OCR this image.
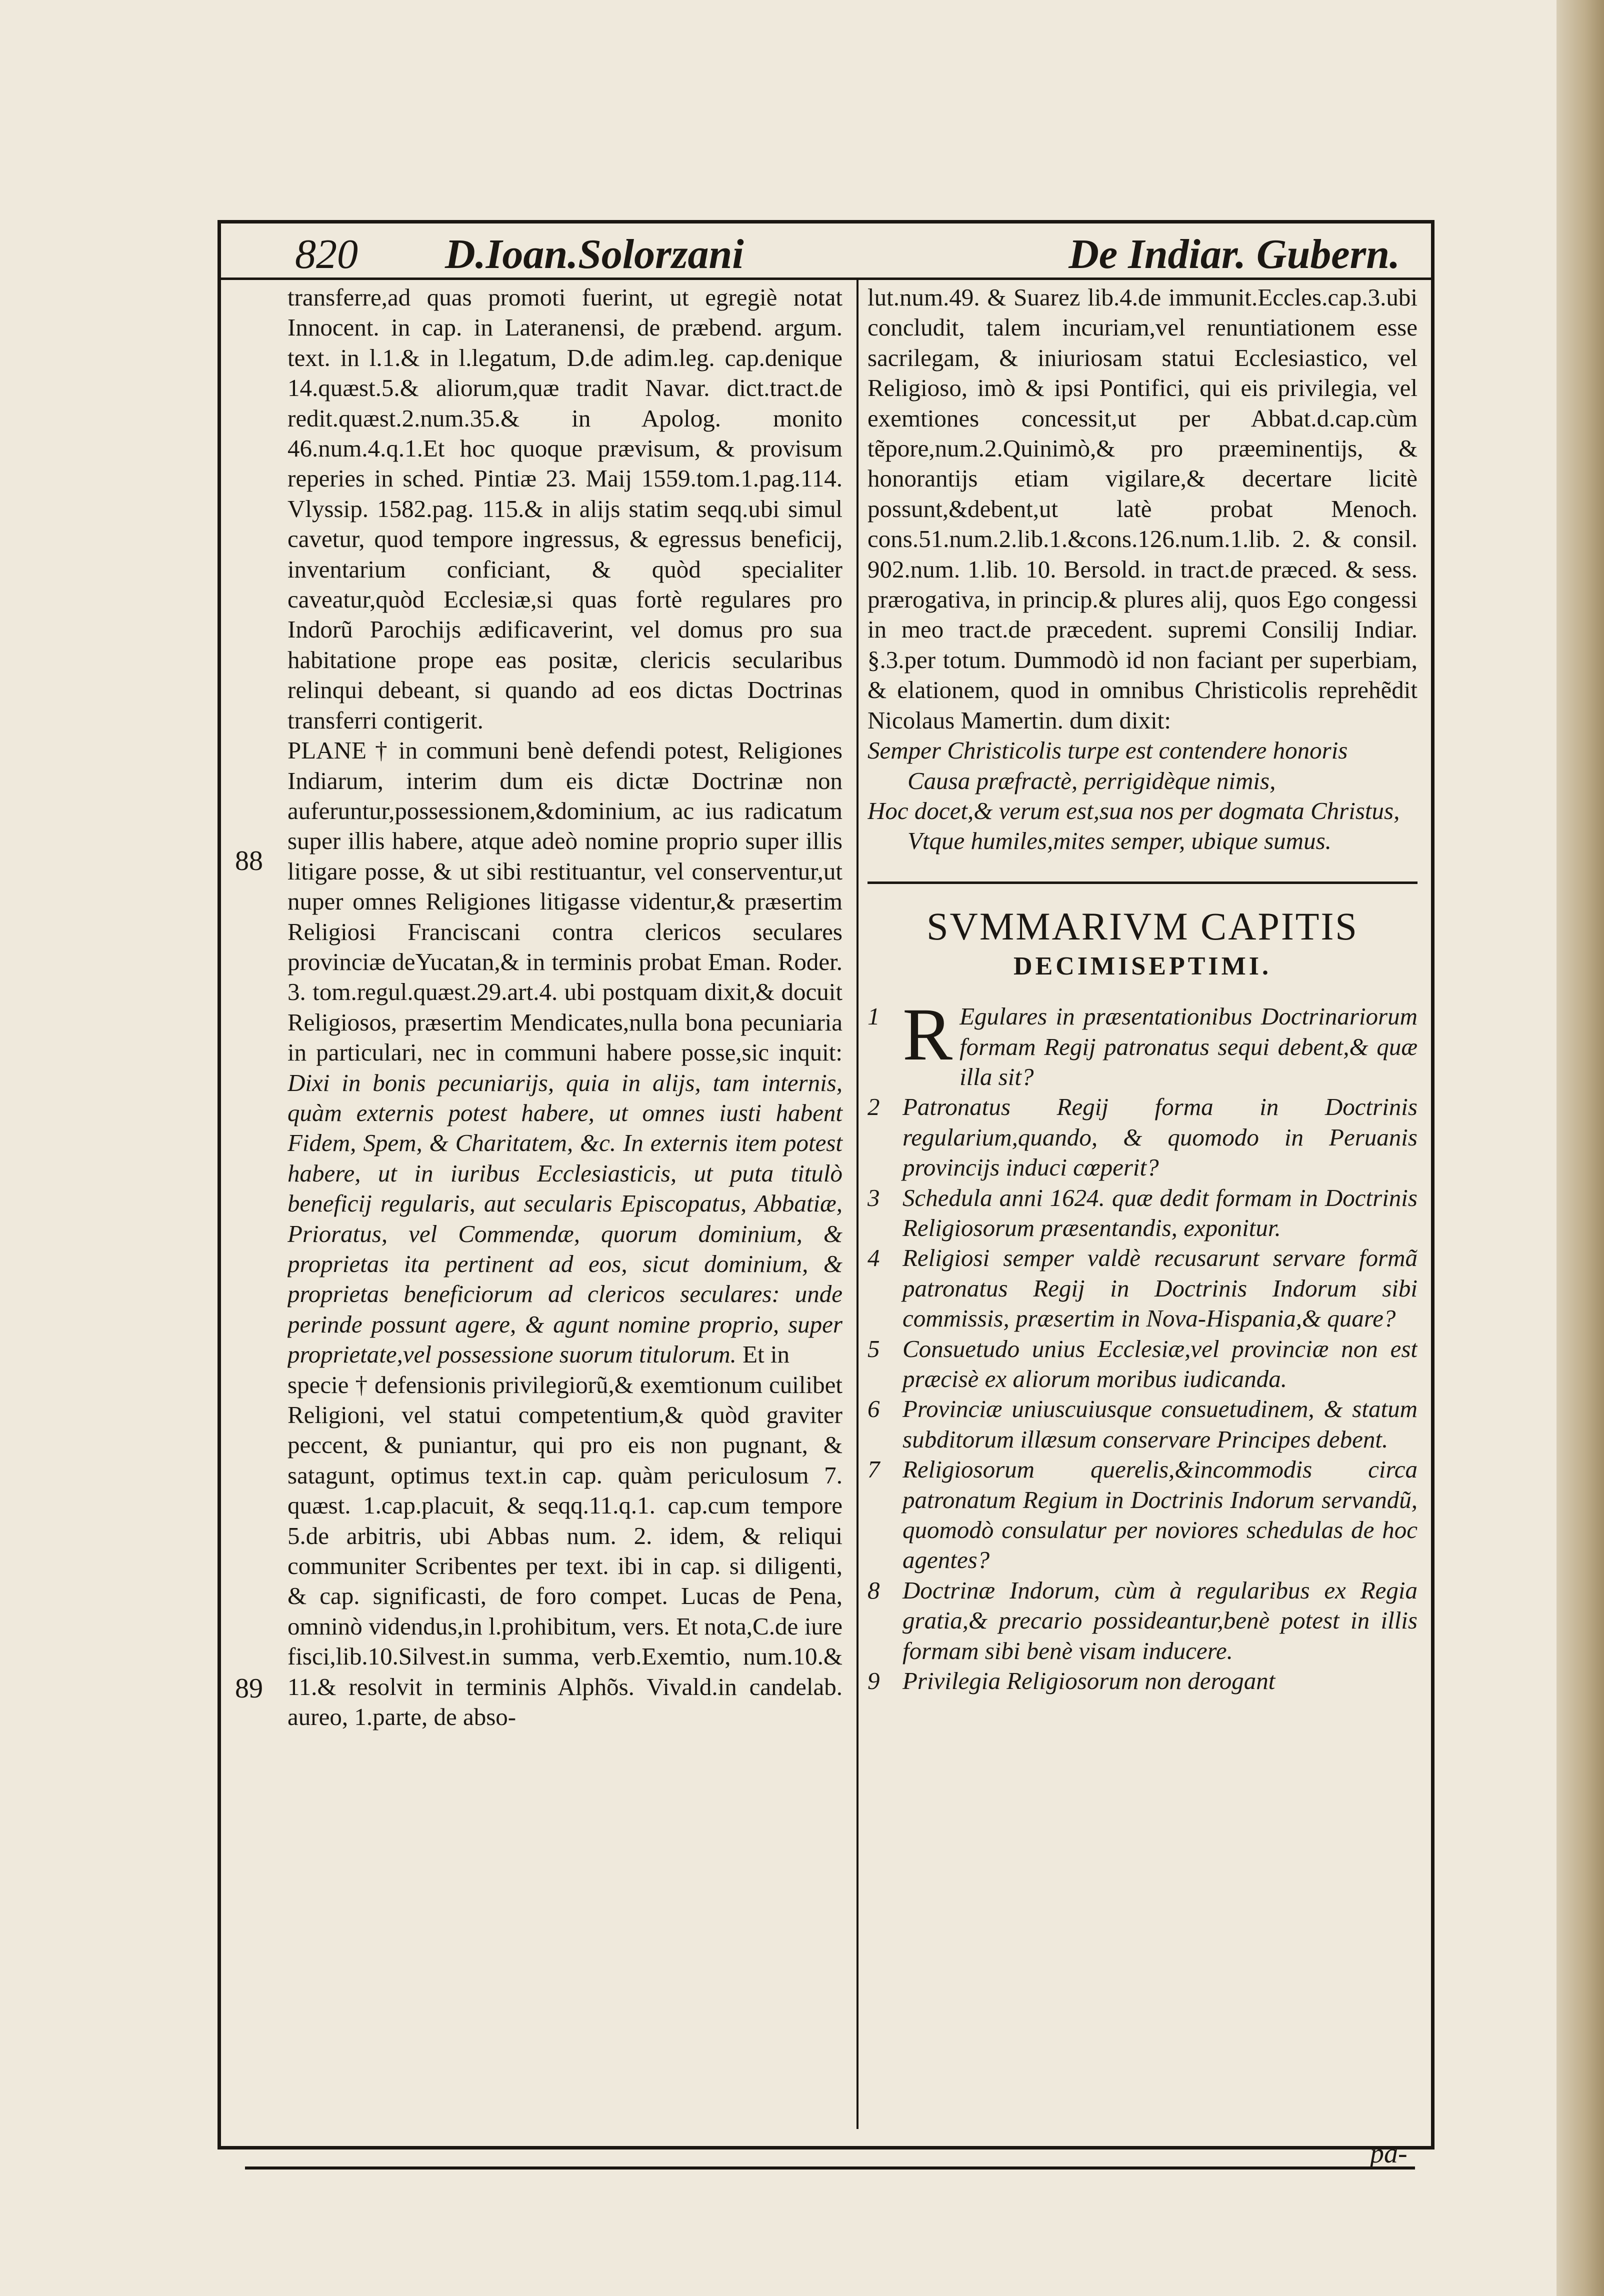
820 D.Ioan.Solorzani	De Indiar. Gubern.
88
89

transferre,ad quas promoti fuerint, ut egregiè notat Innocent. in cap. in Lateranensi, de præbend. argum. text. in l.1.& in l.legatum, D.de adim.leg. cap.denique 14.quæst.5.& aliorum,quæ tradit Navar. dict.tract.de redit.quæst.2.num.35.& in Apolog. monito 46.num.4.q.1.Et hoc quoque prævisum, & provisum reperies in sched. Pintiæ 23. Maij 1559.tom.1.pag.114. Vlyssip. 1582.pag. 115.& in alijs statim seqq.ubi simul cavetur, quod tempore ingressus, & egressus beneficij, inventarium conficiant, & quòd specialiter caveatur,quòd Ecclesiæ,si quas fortè regulares pro Indorũ Parochijs ædificaverint, vel domus pro sua habitatione prope eas positæ, clericis secularibus relinqui debeant, si quando ad eos dictas Doctrinas transferri contigerit.

PLANE † in communi benè defendi potest, Religiones Indiarum, interim dum eis dictæ Doctrinæ non auferuntur,possessionem,&dominium, ac ius radicatum super illis habere, atque adeò nomine proprio super illis litigare posse, & ut sibi restituantur, vel conserventur,ut nuper omnes Religiones litigasse videntur,& præsertim Religiosi Franciscani contra clericos seculares provinciæ deYucatan,& in terminis probat Eman. Roder. 3. tom.regul.quæst.29.art.4. ubi postquam dixit,& docuit Religiosos, præsertim Mendicates,nulla bona pecuniaria in particulari, nec in communi habere posse,sic inquit: Dixi in bonis pecuniarijs, quia in alijs, tam internis, quàm externis potest habere, ut omnes iusti habent Fidem, Spem, & Charitatem, &c. In externis item potest habere, ut in iuribus Ecclesiasticis, ut puta titulò beneficij regularis, aut secularis Episcopatus, Abbatiæ, Prioratus, vel Commendæ, quorum dominium, & proprietas ita pertinent ad eos, sicut dominium, & proprietas beneficiorum ad clericos seculares: unde perinde possunt agere, & agunt nomine proprio, super proprietate,vel possessione suorum titulorum. Et in

specie † defensionis privilegiorũ,& exemtionum cuilibet Religioni, vel statui competentium,& quòd graviter peccent, & puniantur, qui pro eis non pugnant, & satagunt, optimus text.in cap. quàm periculosum 7. quæst. 1.cap.placuit, & seqq.11.q.1. cap.cum tempore 5.de arbitris, ubi Abbas num. 2. idem, & reliqui communiter Scribentes per text. ibi in cap. si diligenti, & cap. significasti, de foro compet. Lucas de Pena, omninò videndus,in l.prohibitum, vers. Et nota,C.de iure fisci,lib.10.Silvest.in summa, verb.Exemtio, num.10.& 11.& resolvit in terminis Alphõs. Vivald.in candelab. aureo, 1.parte, de abso-

lut.num.49. & Suarez lib.4.de immunit.Eccles.cap.3.ubi concludit, talem incuriam,vel renuntiationem esse sacrilegam, & iniuriosam statui Ecclesiastico, vel Religioso, imò & ipsi Pontifici, qui eis privilegia, vel exemtiones concessit,ut per Abbat.d.cap.cùm tẽpore,num.2.Quinimò,& pro præeminentijs, & honorantijs etiam vigilare,& decertare licitè possunt,&debent,ut latè probat Menoch. cons.51.num.2.lib.1.&cons.126.num.1.lib. 2. & consil. 902.num. 1.lib. 10. Bersold. in tract.de præced. & sess. prærogativa, in princip.& plures alij, quos Ego congessi in meo tract.de præcedent. supremi Consilij Indiar. §.3.per totum. Dummodò id non faciant per superbiam, & elationem, quod in omnibus Christicolis reprehẽdit Nicolaus Mamertin. dum dixit:

Semper Christicolis turpe est contendere honoris

Causa præfractè, perrigidèque nimis,

Hoc docet,& verum est,sua nos per dogmata Christus,

Vtque humiles,mites semper, ubique sumus.

SVMMARIVM CAPITIS
DECIMISEPTIMI.

1 R Egulares in præsentationibus Doctrinariorum formam Regij patronatus sequi debent,& quæ illa sit?

2 Patronatus Regij forma in Doctrinis regularium,quando, & quomodo in Peruanis provincijs induci cœperit?

3 Schedula anni 1624. quæ dedit formam in Doctrinis Religiosorum præsentandis, exponitur.

4 Religiosi semper valdè recusarunt servare formã patronatus Regij in Doctrinis Indorum sibi commissis, præsertim in Nova-Hispania,& quare?

5 Consuetudo unius Ecclesiæ,vel provinciæ non est præcisè ex aliorum moribus iudicanda.

6 Provinciæ uniuscuiusque consuetudinem, & statum subditorum illæsum conservare Principes debent.

7 Religiosorum querelis,&incommodis circa patronatum Regium in Doctrinis Indorum servandũ, quomodò consulatur per noviores schedulas de hoc agentes?

8 Doctrinæ Indorum, cùm à regularibus ex Regia gratia,& precario possideantur,benè potest in illis formam sibi benè visam inducere.

9 Privilegia Religiosorum non derogant

pa-
